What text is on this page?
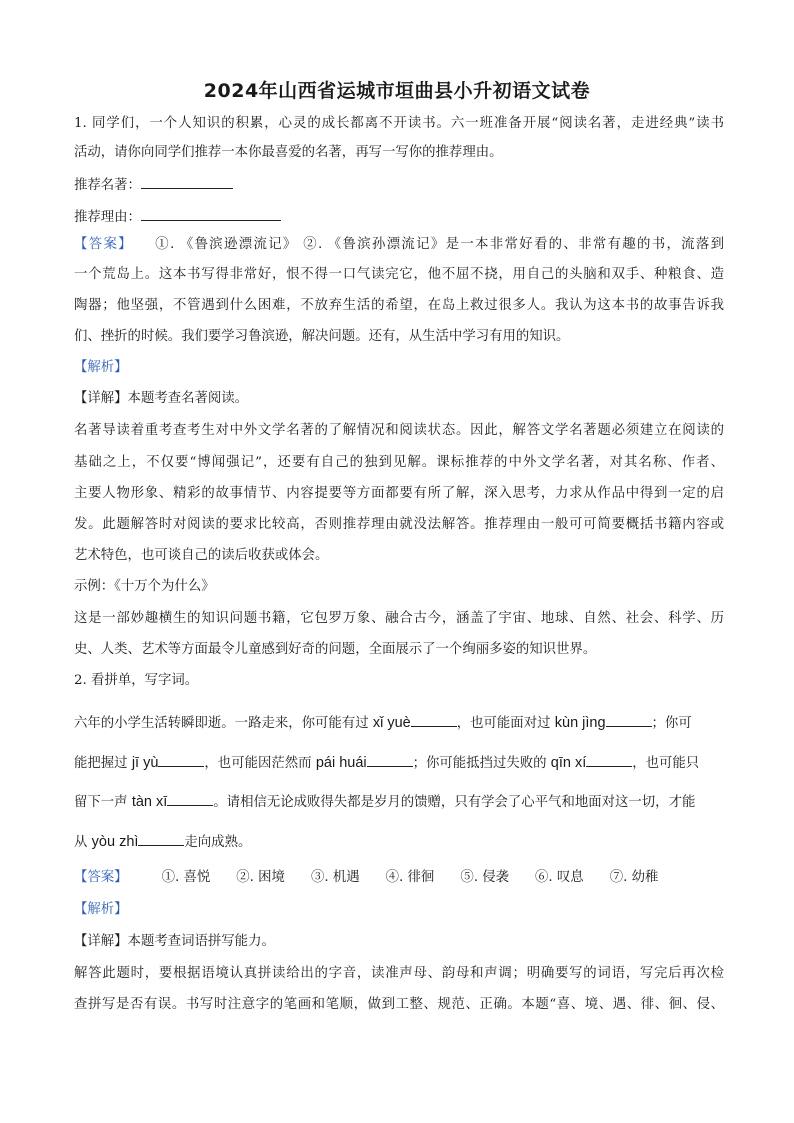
2024年山西省运城市垣曲县小升初语文试卷
1. 同学们，一个人知识的积累，心灵的成长都离不开读书。六一班准备开展“阅读名著，走进经典”读书
活动，请你向同学们推荐一本你最喜爱的名著，再写一写你的推荐理由。
推荐名著：
推荐理由：
【答案】 ①. 《鲁滨逊漂流记》 ②. 《鲁滨孙漂流记》是一本非常好看的、非常有趣的书，流落到
一个荒岛上。这本书写得非常好，恨不得一口气读完它，他不屈不挠，用自己的头脑和双手、种粮食、造
陶器；他坚强，不管遇到什么困难，不放弃生活的希望，在岛上救过很多人。我认为这本书的故事告诉我
们、挫折的时候。我们要学习鲁滨逊，解决问题。还有，从生活中学习有用的知识。
【解析】
【详解】本题考查名著阅读。
名著导读着重考查考生对中外文学名著的了解情况和阅读状态。因此，解答文学名著题必须建立在阅读的
基础之上，不仅要“博闻强记”，还要有自己的独到见解。课标推荐的中外文学名著，对其名称、作者、
主要人物形象、精彩的故事情节、内容提要等方面都要有所了解，深入思考，力求从作品中得到一定的启
发。此题解答时对阅读的要求比较高，否则推荐理由就没法解答。推荐理由一般可可简要概括书籍内容或
艺术特色，也可谈自己的读后收获或体会。
示例：《十万个为什么》
这是一部妙趣横生的知识问题书籍，它包罗万象、融合古今，涵盖了宇宙、地球、自然、社会、科学、历
史、人类、艺术等方面最令儿童感到好奇的问题，全面展示了一个绚丽多姿的知识世界。
2. 看拼单，写字词。
六年的小学生活转瞬即逝。一路走来，你可能有过 xǐ yuè	，也可能面对过 kùn jìng	；你可
能把握过 jī yù	，也可能因茫然而 pái huái	；你可能抵挡过失败的 qīn xí	，也可能只
留下一声 tàn xī	。请相信无论成败得失都是岁月的馈赠，只有学会了心平气和地面对这一切，才能
从 yòu zhì	走向成熟。
【答案】	①. 喜悦 ②. 困境 ③. 机遇 ④. 徘徊 ⑤. 侵袭 ⑥. 叹息 ⑦. 幼稚
【解析】
【详解】本题考查词语拼写能力。
解答此题时，要根据语境认真拼读给出的字音，读准声母、韵母和声调；明确要写的词语，写完后再次检
查拼写是否有误。书写时注意字的笔画和笔顺，做到工整、规范、正确。本题“喜、境、遇、徘、徊、侵、
